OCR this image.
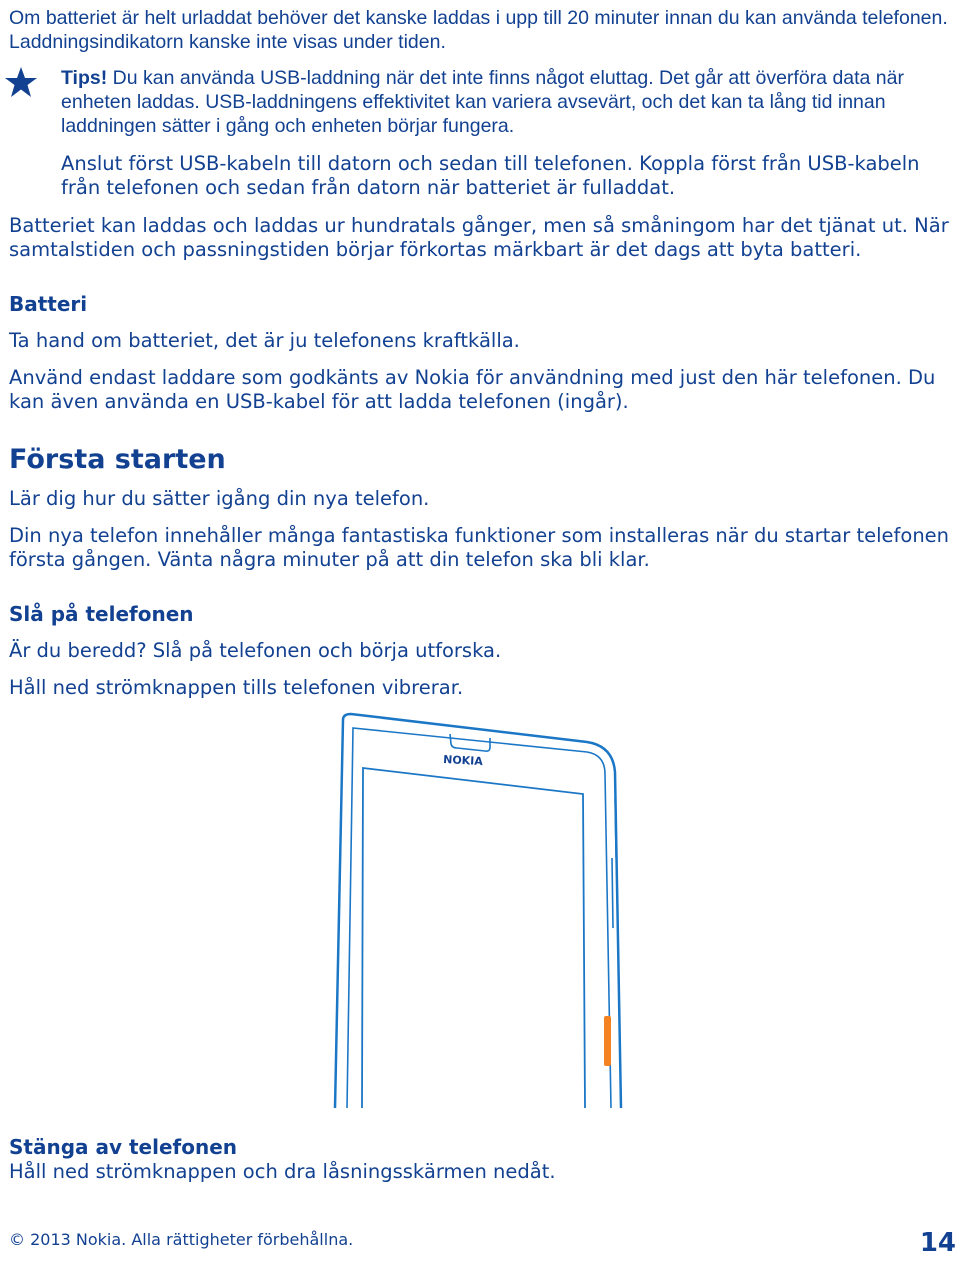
Om batteriet är helt urladdat behöver det kanske laddas i upp till 20 minuter innan du kan använda telefonen. Laddningsindikatorn kanske inte visas under tiden.

Tips! Du kan använda USB-laddning när det inte finns något eluttag. Det går att överföra data när enheten laddas. USB-laddningens effektivitet kan variera avsevärt, och det kan ta lång tid innan laddningen sätter i gång och enheten börjar fungera.

Anslut först USB-kabeln till datorn och sedan till telefonen. Koppla först från USB-kabeln från telefonen och sedan från datorn när batteriet är fulladdat.

Batteriet kan laddas och laddas ur hundratals gånger, men så småningom har det tjänat ut. När samtalstiden och passningstiden börjar förkortas märkbart är det dags att byta batteri.

Batteri

Ta hand om batteriet, det är ju telefonens kraftkälla.

Använd endast laddare som godkänts av Nokia för användning med just den här telefonen. Du kan även använda en USB-kabel för att ladda telefonen (ingår).

Första starten

Lär dig hur du sätter igång din nya telefon.

Din nya telefon innehåller många fantastiska funktioner som installeras när du startar telefonen första gången. Vänta några minuter på att din telefon ska bli klar.

Slå på telefonen

Är du beredd? Slå på telefonen och börja utforska.

Håll ned strömknappen tills telefonen vibrerar.

NOKIA
Stänga av telefonen

Håll ned strömknappen och dra låsningsskärmen nedåt.

© 2013 Nokia. Alla rättigheter förbehållna.	14
